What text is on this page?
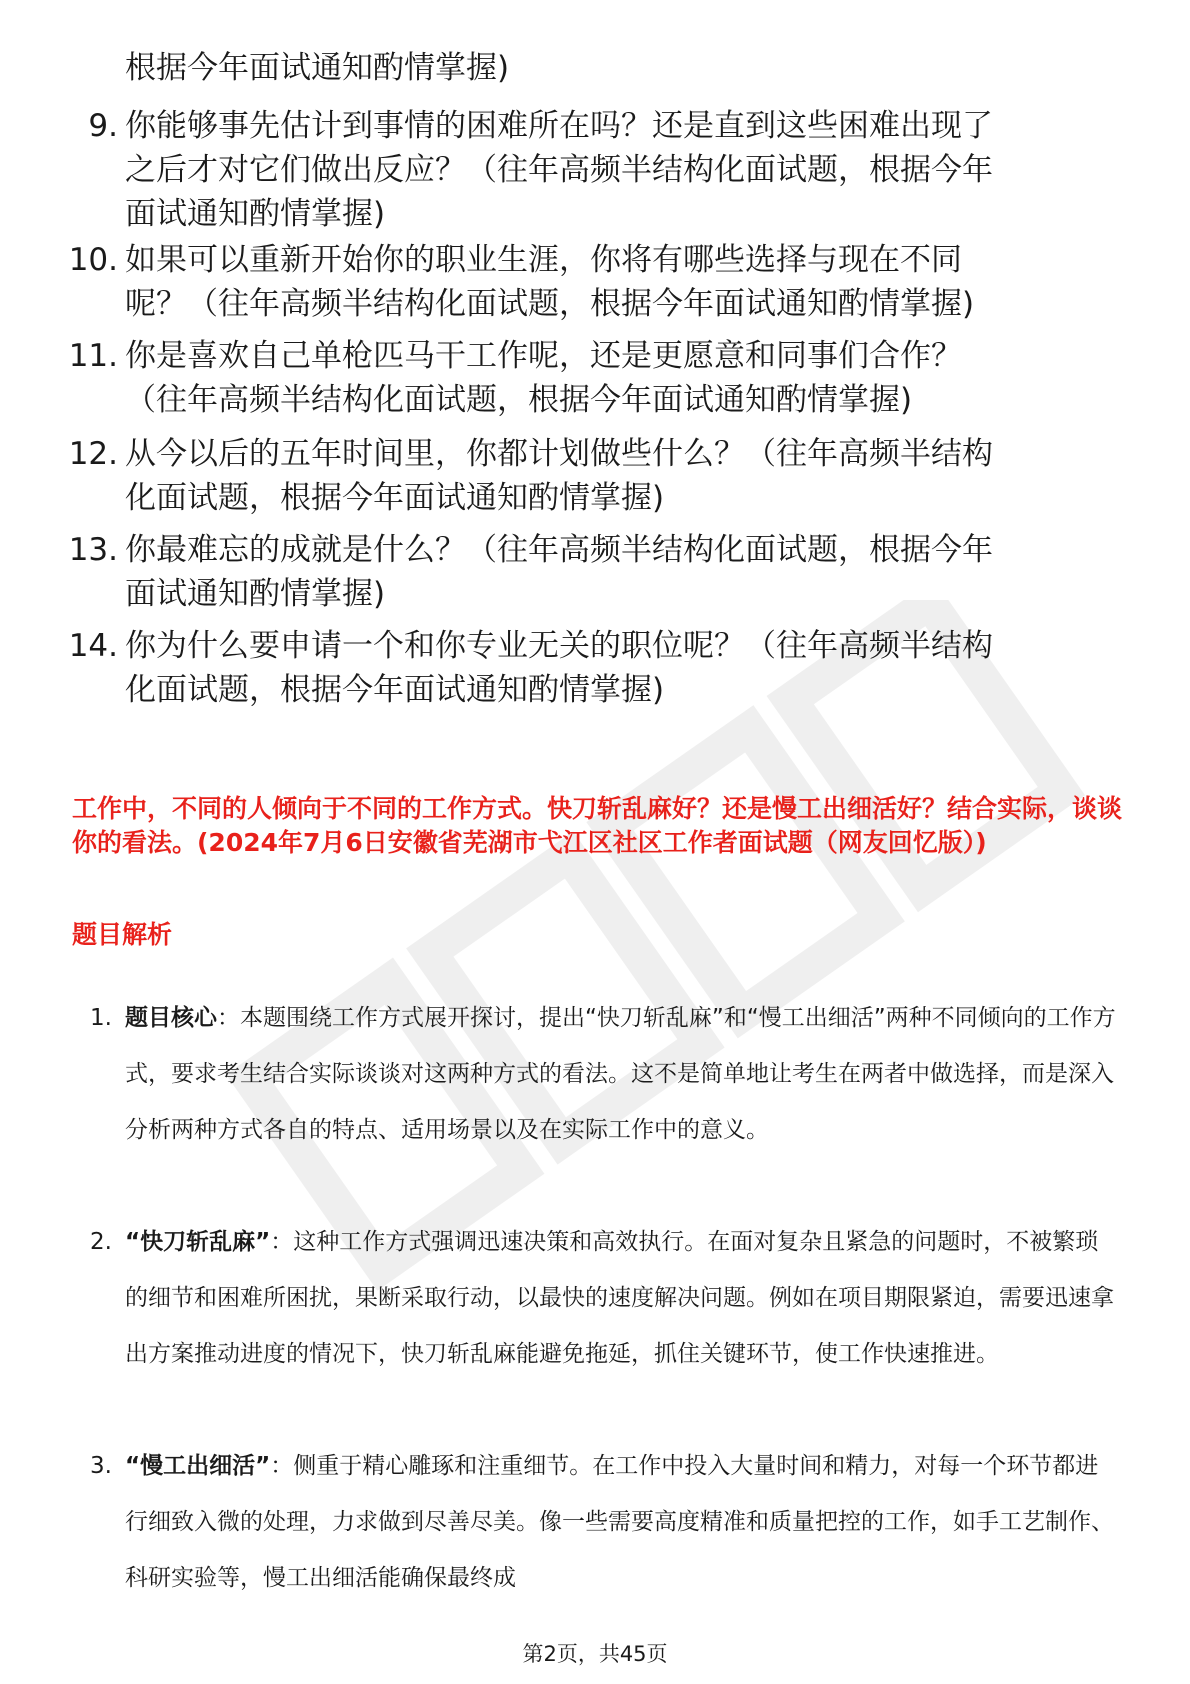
根据今年面试通知酌情掌握)
9. 你能够事先估计到事情的困难所在吗？还是直到这些困难出现了
之后才对它们做出反应？（往年高频半结构化面试题，根据今年
面试通知酌情掌握)
10. 如果可以重新开始你的职业生涯，你将有哪些选择与现在不同
呢？（往年高频半结构化面试题，根据今年面试通知酌情掌握)
11. 你是喜欢自己单枪匹马干工作呢，还是更愿意和同事们合作？
（往年高频半结构化面试题，根据今年面试通知酌情掌握)
12. 从今以后的五年时间里，你都计划做些什么？（往年高频半结构
化面试题，根据今年面试通知酌情掌握)
13. 你最难忘的成就是什么？（往年高频半结构化面试题，根据今年
面试通知酌情掌握)
14. 你为什么要申请一个和你专业无关的职位呢？（往年高频半结构
化面试题，根据今年面试通知酌情掌握)
工作中，不同的人倾向于不同的工作方式。快刀斩乱麻好？还是慢工出细活好？结合实际，谈谈你的看法。(2024年7月6日安徽省芜湖市弋江区社区工作者面试题（网友回忆版）)
题目解析
1. 题目核心：本题围绕工作方式展开探讨，提出“快刀斩乱麻”和“慢工出细活”两种不同倾向的工作方式，要求考生结合实际谈谈对这两种方式的看法。这不是简单地让考生在两者中做选择，而是深入分析两种方式各自的特点、适用场景以及在实际工作中的意义。
2. “快刀斩乱麻”：这种工作方式强调迅速决策和高效执行。在面对复杂且紧急的问题时，不被繁琐的细节和困难所困扰，果断采取行动，以最快的速度解决问题。例如在项目期限紧迫，需要迅速拿出方案推动进度的情况下，快刀斩乱麻能避免拖延，抓住关键环节，使工作快速推进。
3. “慢工出细活”：侧重于精心雕琢和注重细节。在工作中投入大量时间和精力，对每一个环节都进行细致入微的处理，力求做到尽善尽美。像一些需要高度精准和质量把控的工作，如手工艺制作、科研实验等，慢工出细活能确保最终成
第2页，共45页
